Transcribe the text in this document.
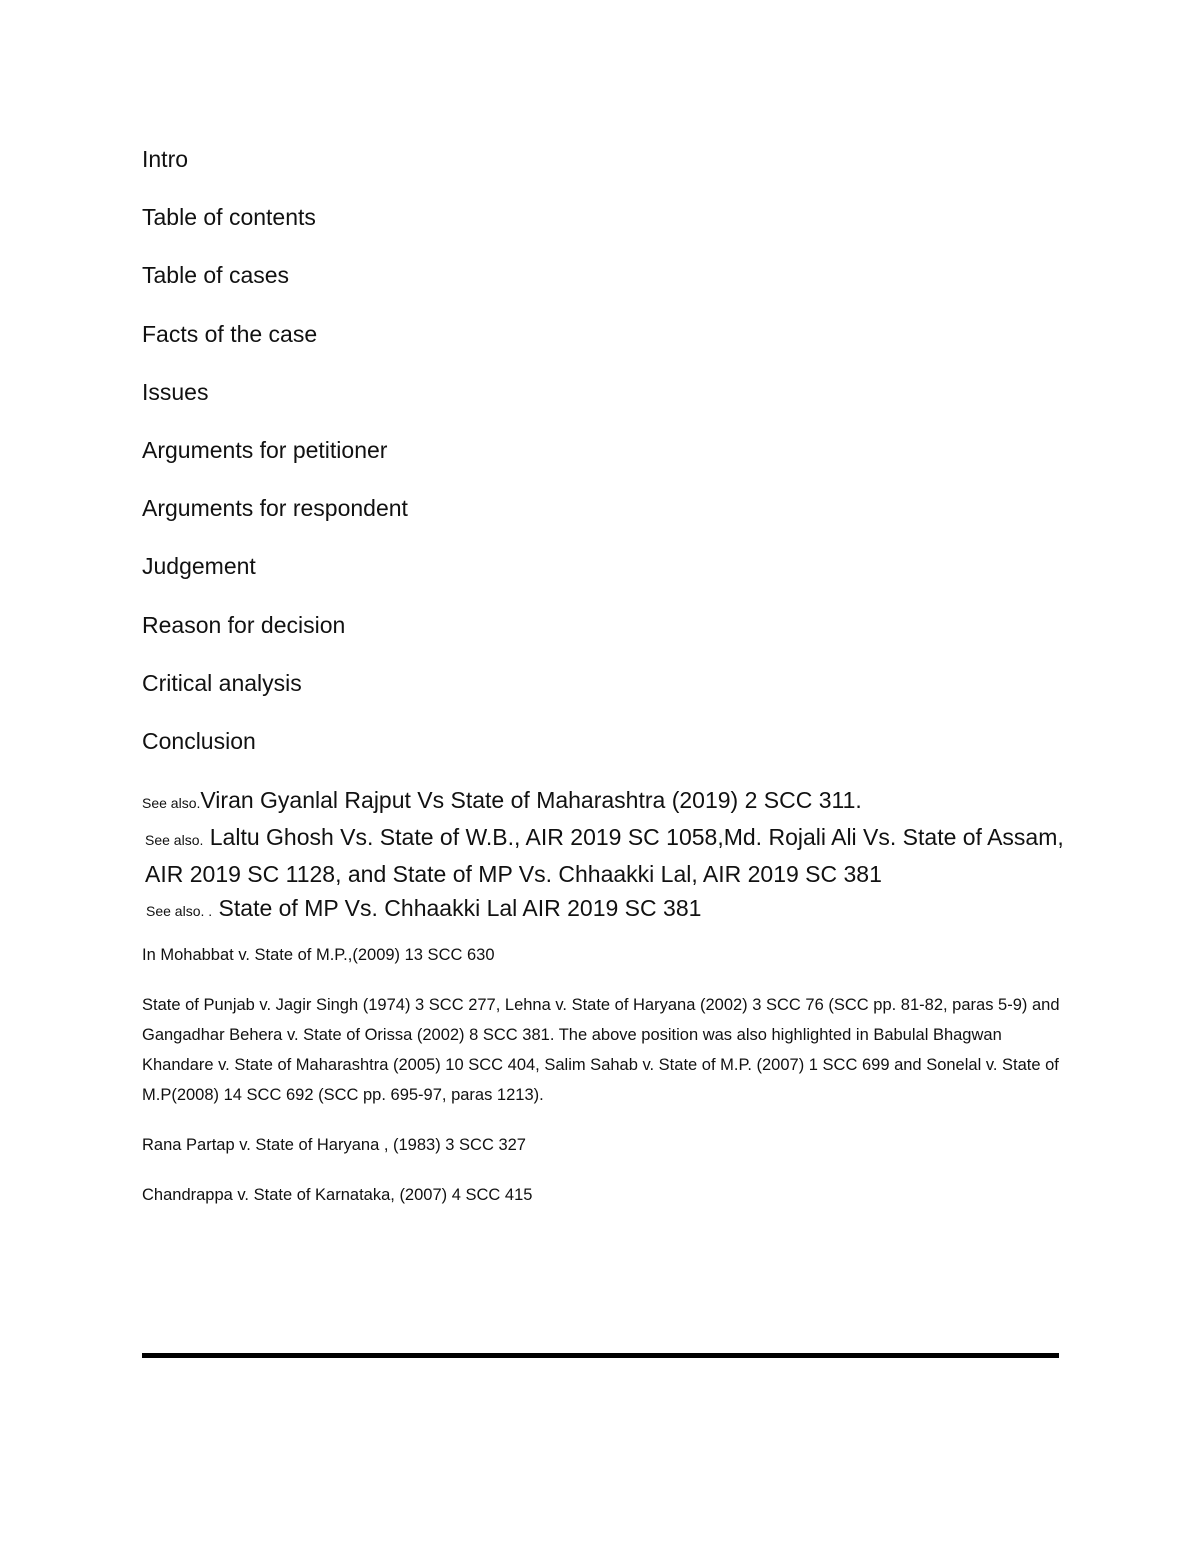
Intro
Table of contents
Table of cases
Facts of the case
Issues
Arguments for petitioner
Arguments for respondent
Judgement
Reason for decision
Critical analysis
Conclusion
See also.Viran Gyanlal Rajput Vs State of Maharashtra (2019) 2 SCC 311.
See also. Laltu Ghosh Vs. State of W.B., AIR 2019 SC 1058,Md. Rojali Ali Vs. State of Assam, AIR 2019 SC 1128, and State of MP Vs. Chhaakki Lal, AIR 2019 SC 381
See also. . State of MP Vs. Chhaakki Lal AIR 2019 SC 381

In Mohabbat v. State of M.P.,(2009) 13 SCC 630

State of Punjab v. Jagir Singh (1974) 3 SCC 277, Lehna v. State of Haryana (2002) 3 SCC 76 (SCC pp. 81-82, paras 5-9) and Gangadhar Behera v. State of Orissa (2002) 8 SCC 381. The above position was also highlighted in Babulal Bhagwan Khandare v. State of Maharashtra (2005) 10 SCC 404, Salim Sahab v. State of M.P. (2007) 1 SCC 699 and Sonelal v. State of M.P(2008) 14 SCC 692 (SCC pp. 695-97, paras 1213).

Rana Partap v. State of Haryana , (1983) 3 SCC 327

Chandrappa v. State of Karnataka, (2007) 4 SCC 415
